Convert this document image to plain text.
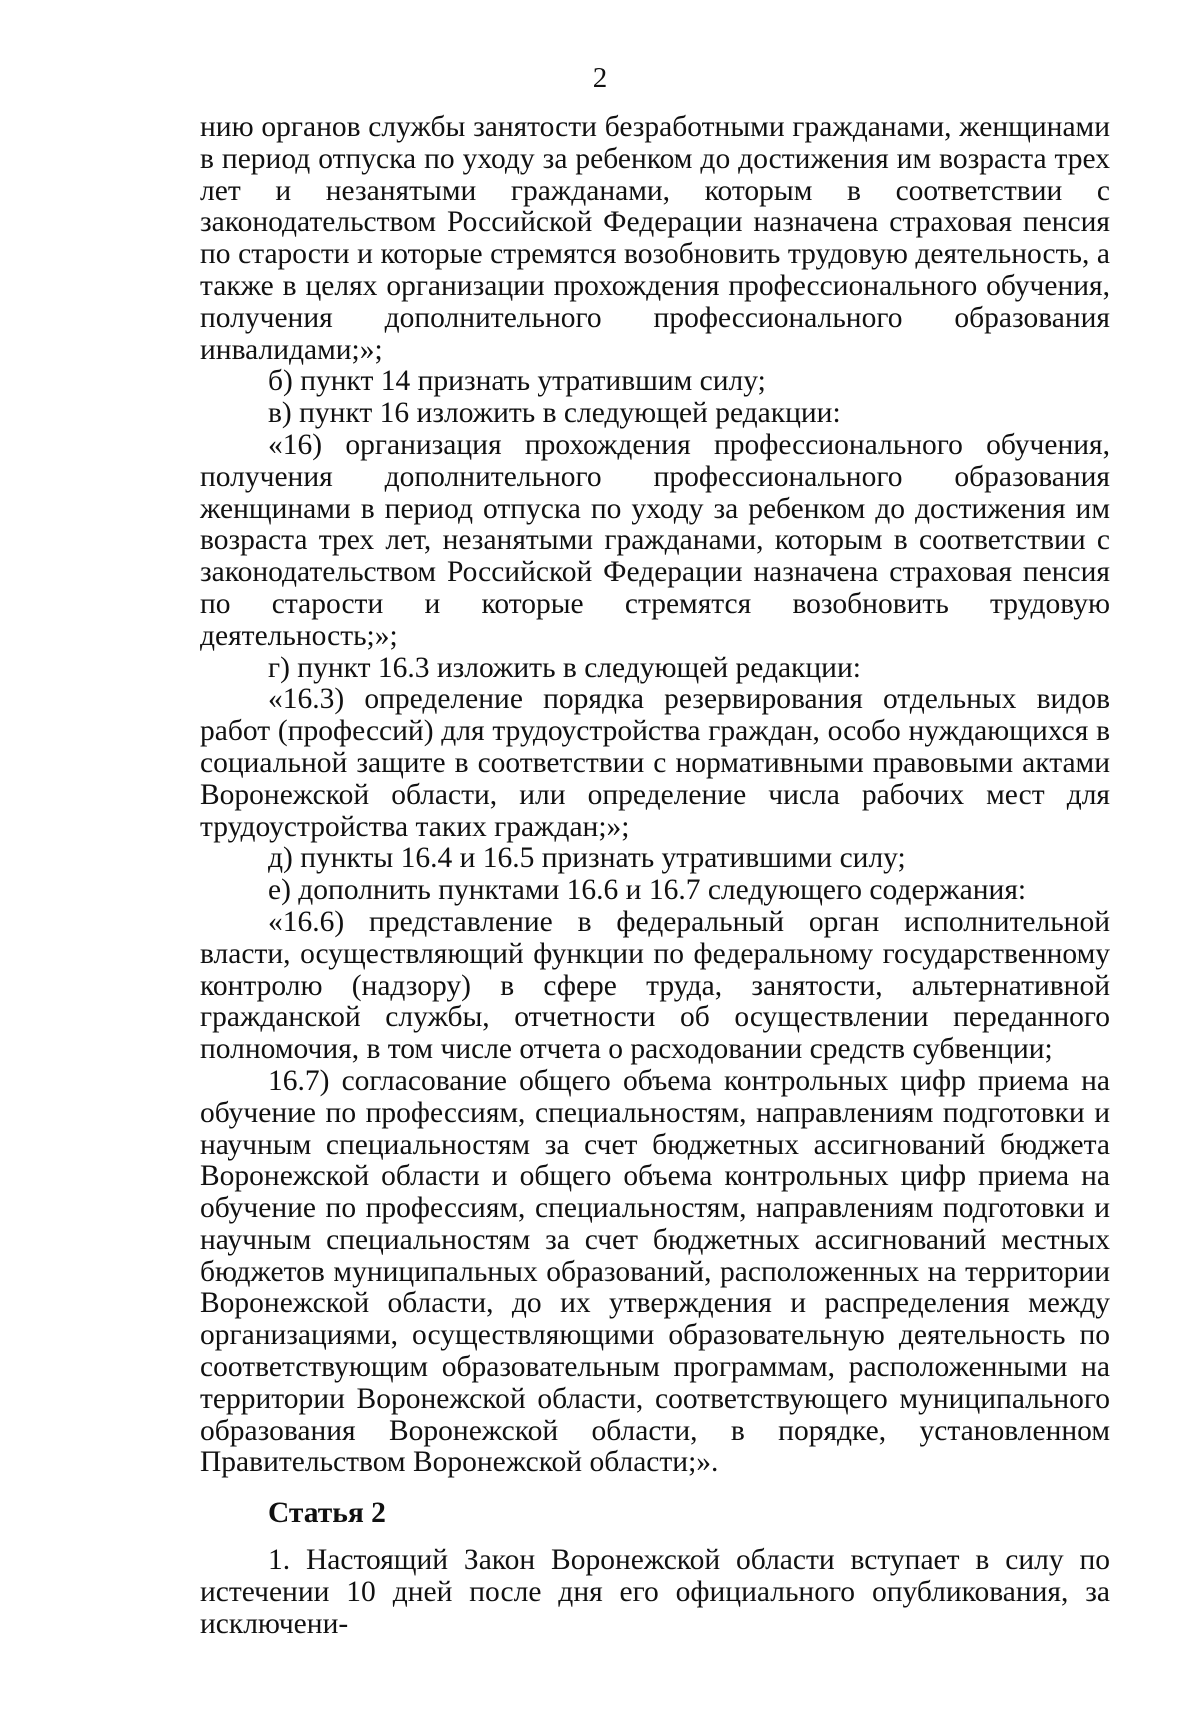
2

нию органов службы занятости безработными гражданами, женщинами в период отпуска по уходу за ребенком до достижения им возраста трех лет и незанятыми гражданами, которым в соответствии с законодательством Российской Федерации назначена страховая пенсия по старости и которые стремятся возобновить трудовую деятельность, а также в целях организации прохождения профессионального обучения, получения дополнительного профессионального образования инвалидами;»;

б) пункт 14 признать утратившим силу;

в) пункт 16 изложить в следующей редакции:

«16) организация прохождения профессионального обучения, получения дополнительного профессионального образования женщинами в период отпуска по уходу за ребенком до достижения им возраста трех лет, незанятыми гражданами, которым в соответствии с законодательством Российской Федерации назначена страховая пенсия по старости и которые стремятся возобновить трудовую деятельность;»;

г) пункт 16.3 изложить в следующей редакции:

«16.3) определение порядка резервирования отдельных видов работ (профессий) для трудоустройства граждан, особо нуждающихся в социальной защите в соответствии с нормативными правовыми актами Воронежской области, или определение числа рабочих мест для трудоустройства таких граждан;»;

д) пункты 16.4 и 16.5 признать утратившими силу;

е) дополнить пунктами 16.6 и 16.7 следующего содержания:

«16.6) представление в федеральный орган исполнительной власти, осуществляющий функции по федеральному государственному контролю (надзору) в сфере труда, занятости, альтернативной гражданской службы, отчетности об осуществлении переданного полномочия, в том числе отчета о расходовании средств субвенции;

16.7) согласование общего объема контрольных цифр приема на обучение по профессиям, специальностям, направлениям подготовки и научным специальностям за счет бюджетных ассигнований бюджета Воронежской области и общего объема контрольных цифр приема на обучение по профессиям, специальностям, направлениям подготовки и научным специальностям за счет бюджетных ассигнований местных бюджетов муниципальных образований, расположенных на территории Воронежской области, до их утверждения и распределения между организациями, осуществляющими образовательную деятельность по соответствующим образовательным программам, расположенными на территории Воронежской области, соответствующего муниципального образования Воронежской области, в порядке, установленном Правительством Воронежской области;».

Статья 2

1. Настоящий Закон Воронежской области вступает в силу по истечении 10 дней после дня его официального опубликования, за исключени-
